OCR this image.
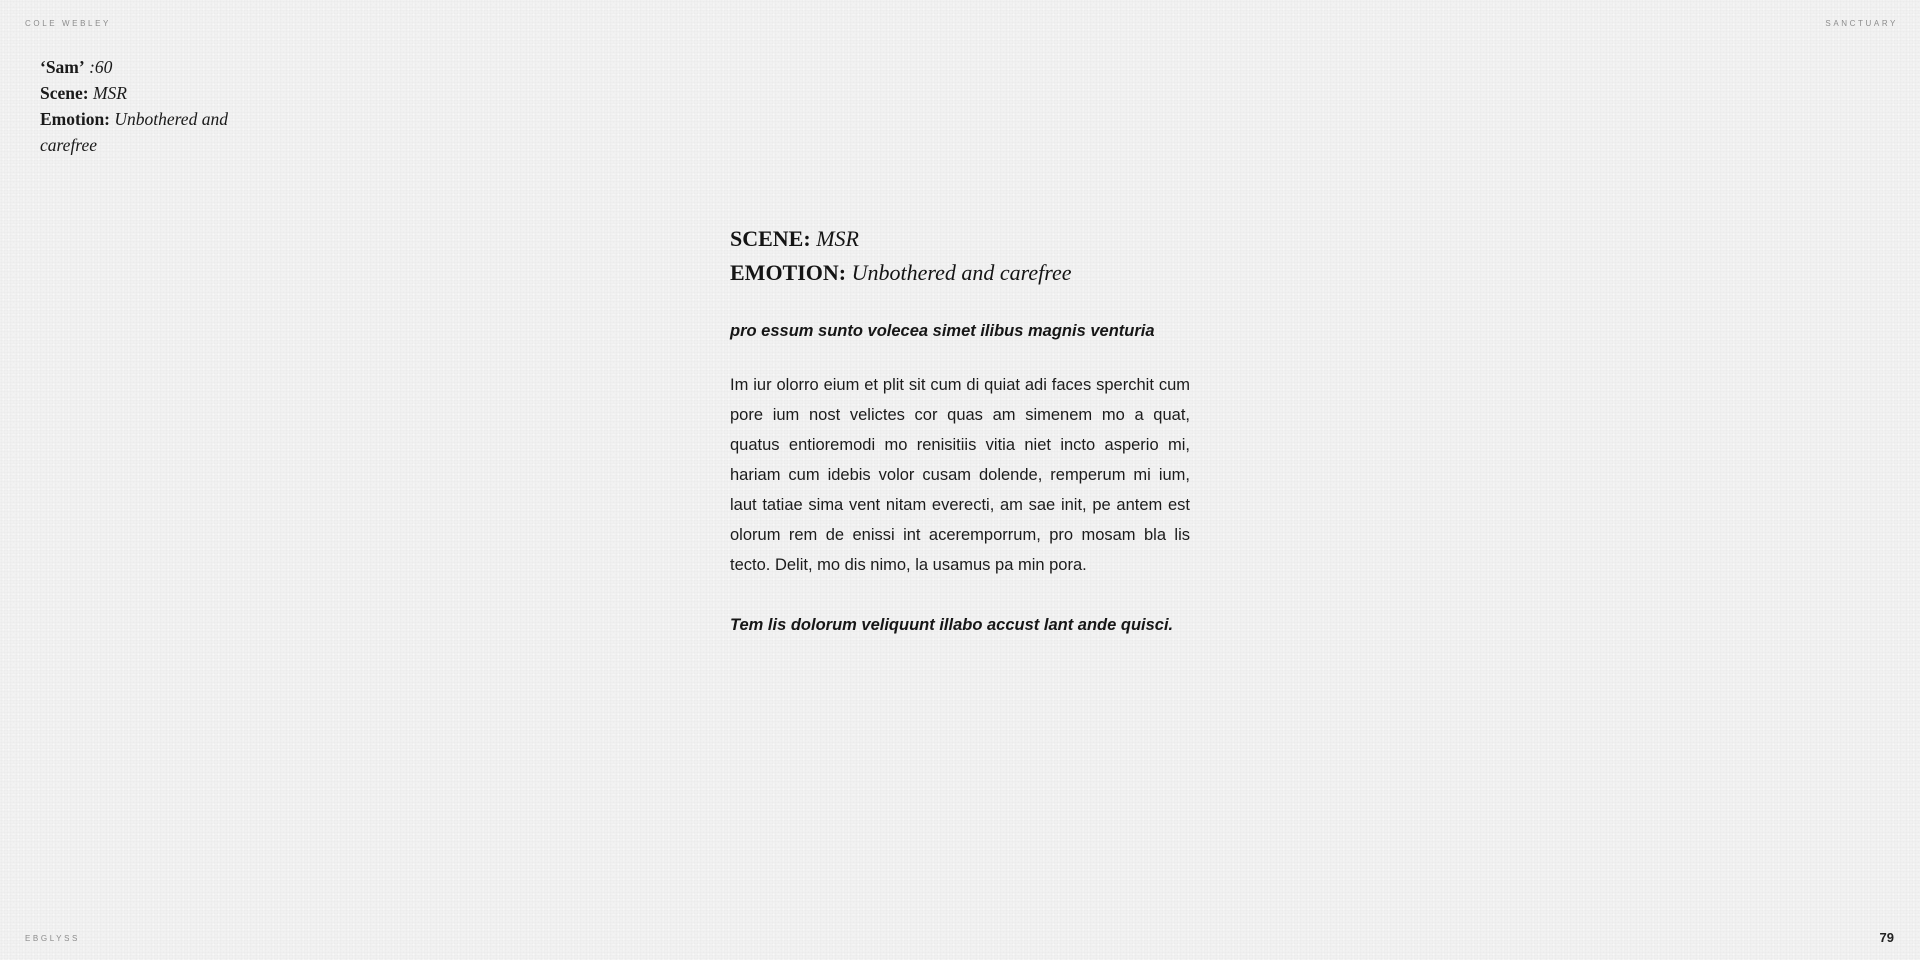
COLE WEBLEY	SANCTUARY
‘Sam’ :60
Scene: MSR
Emotion: Unbothered and carefree
SCENE: MSR
EMOTION: Unbothered and carefree
pro essum sunto volecea simet ilibus magnis venturia
Im iur olorro eium et plit sit cum di quiat adi faces sperchit cum pore ium nost velictes cor quas am simenem mo a quat, quatus entioremodi mo renisitiis vitia niet incto asperio mi, hariam cum idebis volor cusam dolende, remperum mi ium, laut tatiae sima vent nitam everecti, am sae init, pe antem est olorum rem de enissi int aceremporrum, pro mosam bla lis tecto. Delit, mo dis nimo, la usamus pa min pora.
Tem lis dolorum veliquunt illabo accust lant ande quisci.
EBGLYSS	79
